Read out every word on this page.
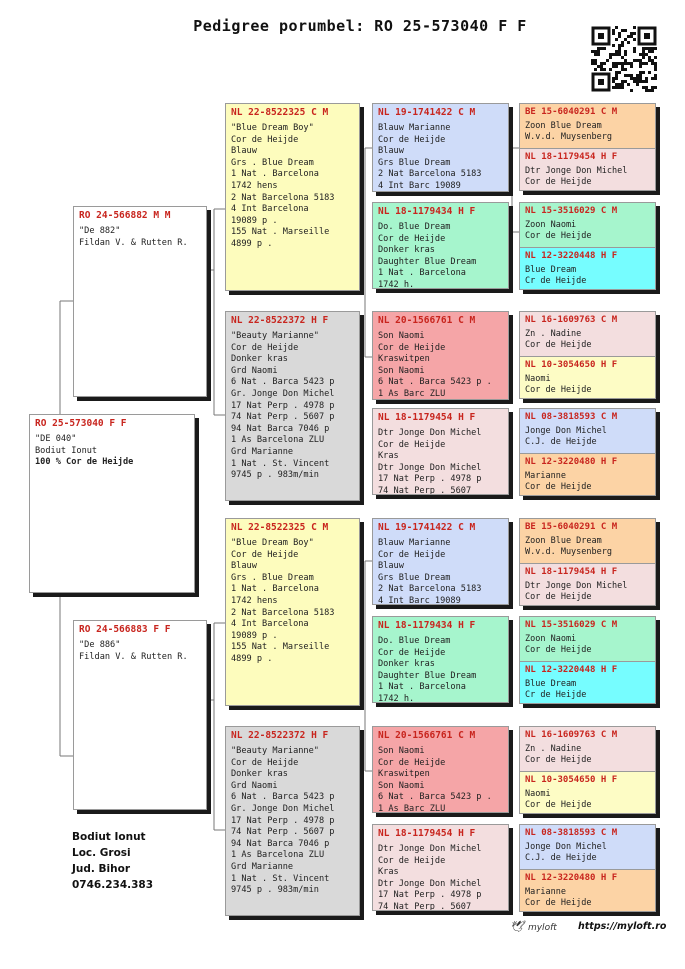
Pedigree porumbel: RO 25-573040 F F
RO 25-573040 F F
"DE 040"
Bodiut Ionut
100 % Cor de Heijde
RO 24-566882 M M
"De 882"
Fildan V. & Rutten R.
RO 24-566883 F F
"De 886"
Fildan V. & Rutten R.
NL 22-8522325 C M
"Blue Dream Boy"
Cor de Heijde
Blauw
Grs . Blue Dream
1 Nat . Barcelona
1742 hens
2 Nat Barcelona 5183
4 Int Barcelona
19089 p .
155 Nat . Marseille
4899 p .
NL 22-8522372 H F
"Beauty Marianne"
Cor de Heijde
Donker kras
Grd Naomi
6 Nat . Barca 5423 p
Gr. Jonge Don Michel
17 Nat Perp . 4978 p
74 Nat Perp . 5607 p
94 Nat Barca 7046 p
1 As Barcelona ZLU
Grd Marianne
1 Nat . St. Vincent
9745 p . 983m/min
NL 22-8522325 C M
"Blue Dream Boy"
Cor de Heijde
Blauw
Grs . Blue Dream
1 Nat . Barcelona
1742 hens
2 Nat Barcelona 5183
4 Int Barcelona
19089 p .
155 Nat . Marseille
4899 p .
NL 22-8522372 H F
"Beauty Marianne"
Cor de Heijde
Donker kras
Grd Naomi
6 Nat . Barca 5423 p
Gr. Jonge Don Michel
17 Nat Perp . 4978 p
74 Nat Perp . 5607 p
94 Nat Barca 7046 p
1 As Barcelona ZLU
Grd Marianne
1 Nat . St. Vincent
9745 p . 983m/min
NL 19-1741422 C M
Blauw Marianne
Cor de Heijde
Blauw
Grs Blue Dream
2 Nat Barcelona 5183
4 Int Barc 19089
NL 18-1179434 H F
Do. Blue Dream
Cor de Heijde
Donker kras
Daughter Blue Dream
1 Nat . Barcelona
1742 h.
NL 20-1566761 C M
Son Naomi
Cor de Heijde
Kraswitpen
Son Naomi
6 Nat . Barca 5423 p .
1 As Barc ZLU
NL 18-1179454 H F
Dtr Jonge Don Michel
Cor de Heijde
Kras
Dtr Jonge Don Michel
17 Nat Perp . 4978 p
74 Nat Perp . 5607
NL 19-1741422 C M
Blauw Marianne
Cor de Heijde
Blauw
Grs Blue Dream
2 Nat Barcelona 5183
4 Int Barc 19089
NL 18-1179434 H F
Do. Blue Dream
Cor de Heijde
Donker kras
Daughter Blue Dream
1 Nat . Barcelona
1742 h.
NL 20-1566761 C M
Son Naomi
Cor de Heijde
Kraswitpen
Son Naomi
6 Nat . Barca 5423 p .
1 As Barc ZLU
NL 18-1179454 H F
Dtr Jonge Don Michel
Cor de Heijde
Kras
Dtr Jonge Don Michel
17 Nat Perp . 4978 p
74 Nat Perp . 5607
BE 15-6040291 C M
Zoon Blue Dream
W.v.d. Muysenberg
NL 18-1179454 H F
Dtr Jonge Don Michel
Cor de Heijde
NL 15-3516029 C M
Zoon Naomi
Cor de Heijde
NL 12-3220448 H F
Blue Dream
Cr de Heijde
NL 16-1609763 C M
Zn . Nadine
Cor de Heijde
NL 10-3054650 H F
Naomi
Cor de Heijde
NL 08-3818593 C M
Jonge Don Michel
C.J. de Heijde
NL 12-3220480 H F
Marianne
Cor de Heijde
BE 15-6040291 C M
Zoon Blue Dream
W.v.d. Muysenberg
NL 18-1179454 H F
Dtr Jonge Don Michel
Cor de Heijde
NL 15-3516029 C M
Zoon Naomi
Cor de Heijde
NL 12-3220448 H F
Blue Dream
Cr de Heijde
NL 16-1609763 C M
Zn . Nadine
Cor de Heijde
NL 10-3054650 H F
Naomi
Cor de Heijde
NL 08-3818593 C M
Jonge Don Michel
C.J. de Heijde
NL 12-3220480 H F
Marianne
Cor de Heijde
Bodiut Ionut
Loc. Grosi
Jud. Bihor
0746.234.383
🕊 myloft https://myloft.ro
